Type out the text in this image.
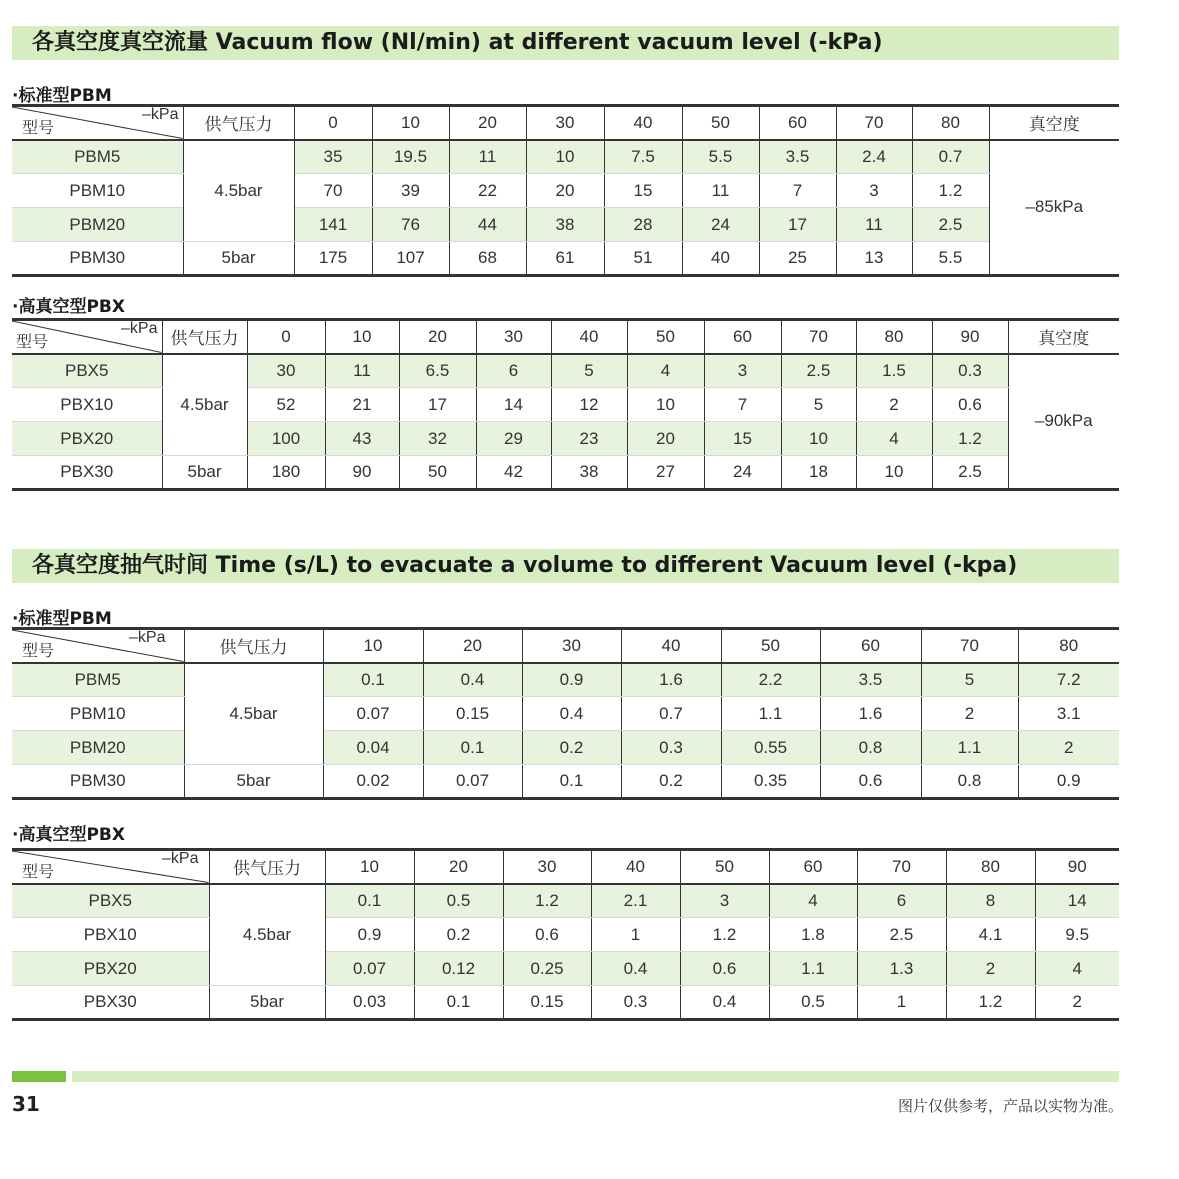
各真空度真空流量 Vacuum flow (Nl/min) at different vacuum level (-kPa)
·标准型PBM
–kPa
型号	供气压力	0	10	20	30	40	50	60	70	80	真空度
PBM5	4.5bar	35	19.5	11	10	7.5	5.5	3.5	2.4	0.7	–85kPa
PBM10		70	39	22	20	15	11	7	3	1.2	
PBM20		141	76	44	38	28	24	17	11	2.5	
PBM30	5bar	175	107	68	61	51	40	25	13	5.5	
·高真空型PBX
–kPa
型号	供气压力	0	10	20	30	40	50	60	70	80	90	真空度
PBX5	4.5bar	30	11	6.5	6	5	4	3	2.5	1.5	0.3	–90kPa
PBX10		52	21	17	14	12	10	7	5	2	0.6	
PBX20		100	43	32	29	23	20	15	10	4	1.2	
PBX30	5bar	180	90	50	42	38	27	24	18	10	2.5	
各真空度抽气时间 Time (s/L) to evacuate a volume to different Vacuum level (-kpa)
·标准型PBM
–kPa
型号	供气压力	10	20	30	40	50	60	70	80
PBM5	4.5bar	0.1	0.4	0.9	1.6	2.2	3.5	5	7.2
PBM10		0.07	0.15	0.4	0.7	1.1	1.6	2	3.1
PBM20		0.04	0.1	0.2	0.3	0.55	0.8	1.1	2
PBM30	5bar	0.02	0.07	0.1	0.2	0.35	0.6	0.8	0.9
·高真空型PBX
–kPa
型号	供气压力	10	20	30	40	50	60	70	80	90
PBX5	4.5bar	0.1	0.5	1.2	2.1	3	4	6	8	14
PBX10		0.9	0.2	0.6	1	1.2	1.8	2.5	4.1	9.5
PBX20		0.07	0.12	0.25	0.4	0.6	1.1	1.3	2	4
PBX30	5bar	0.03	0.1	0.15	0.3	0.4	0.5	1	1.2	2
31	图片仅供参考，产品以实物为准。
